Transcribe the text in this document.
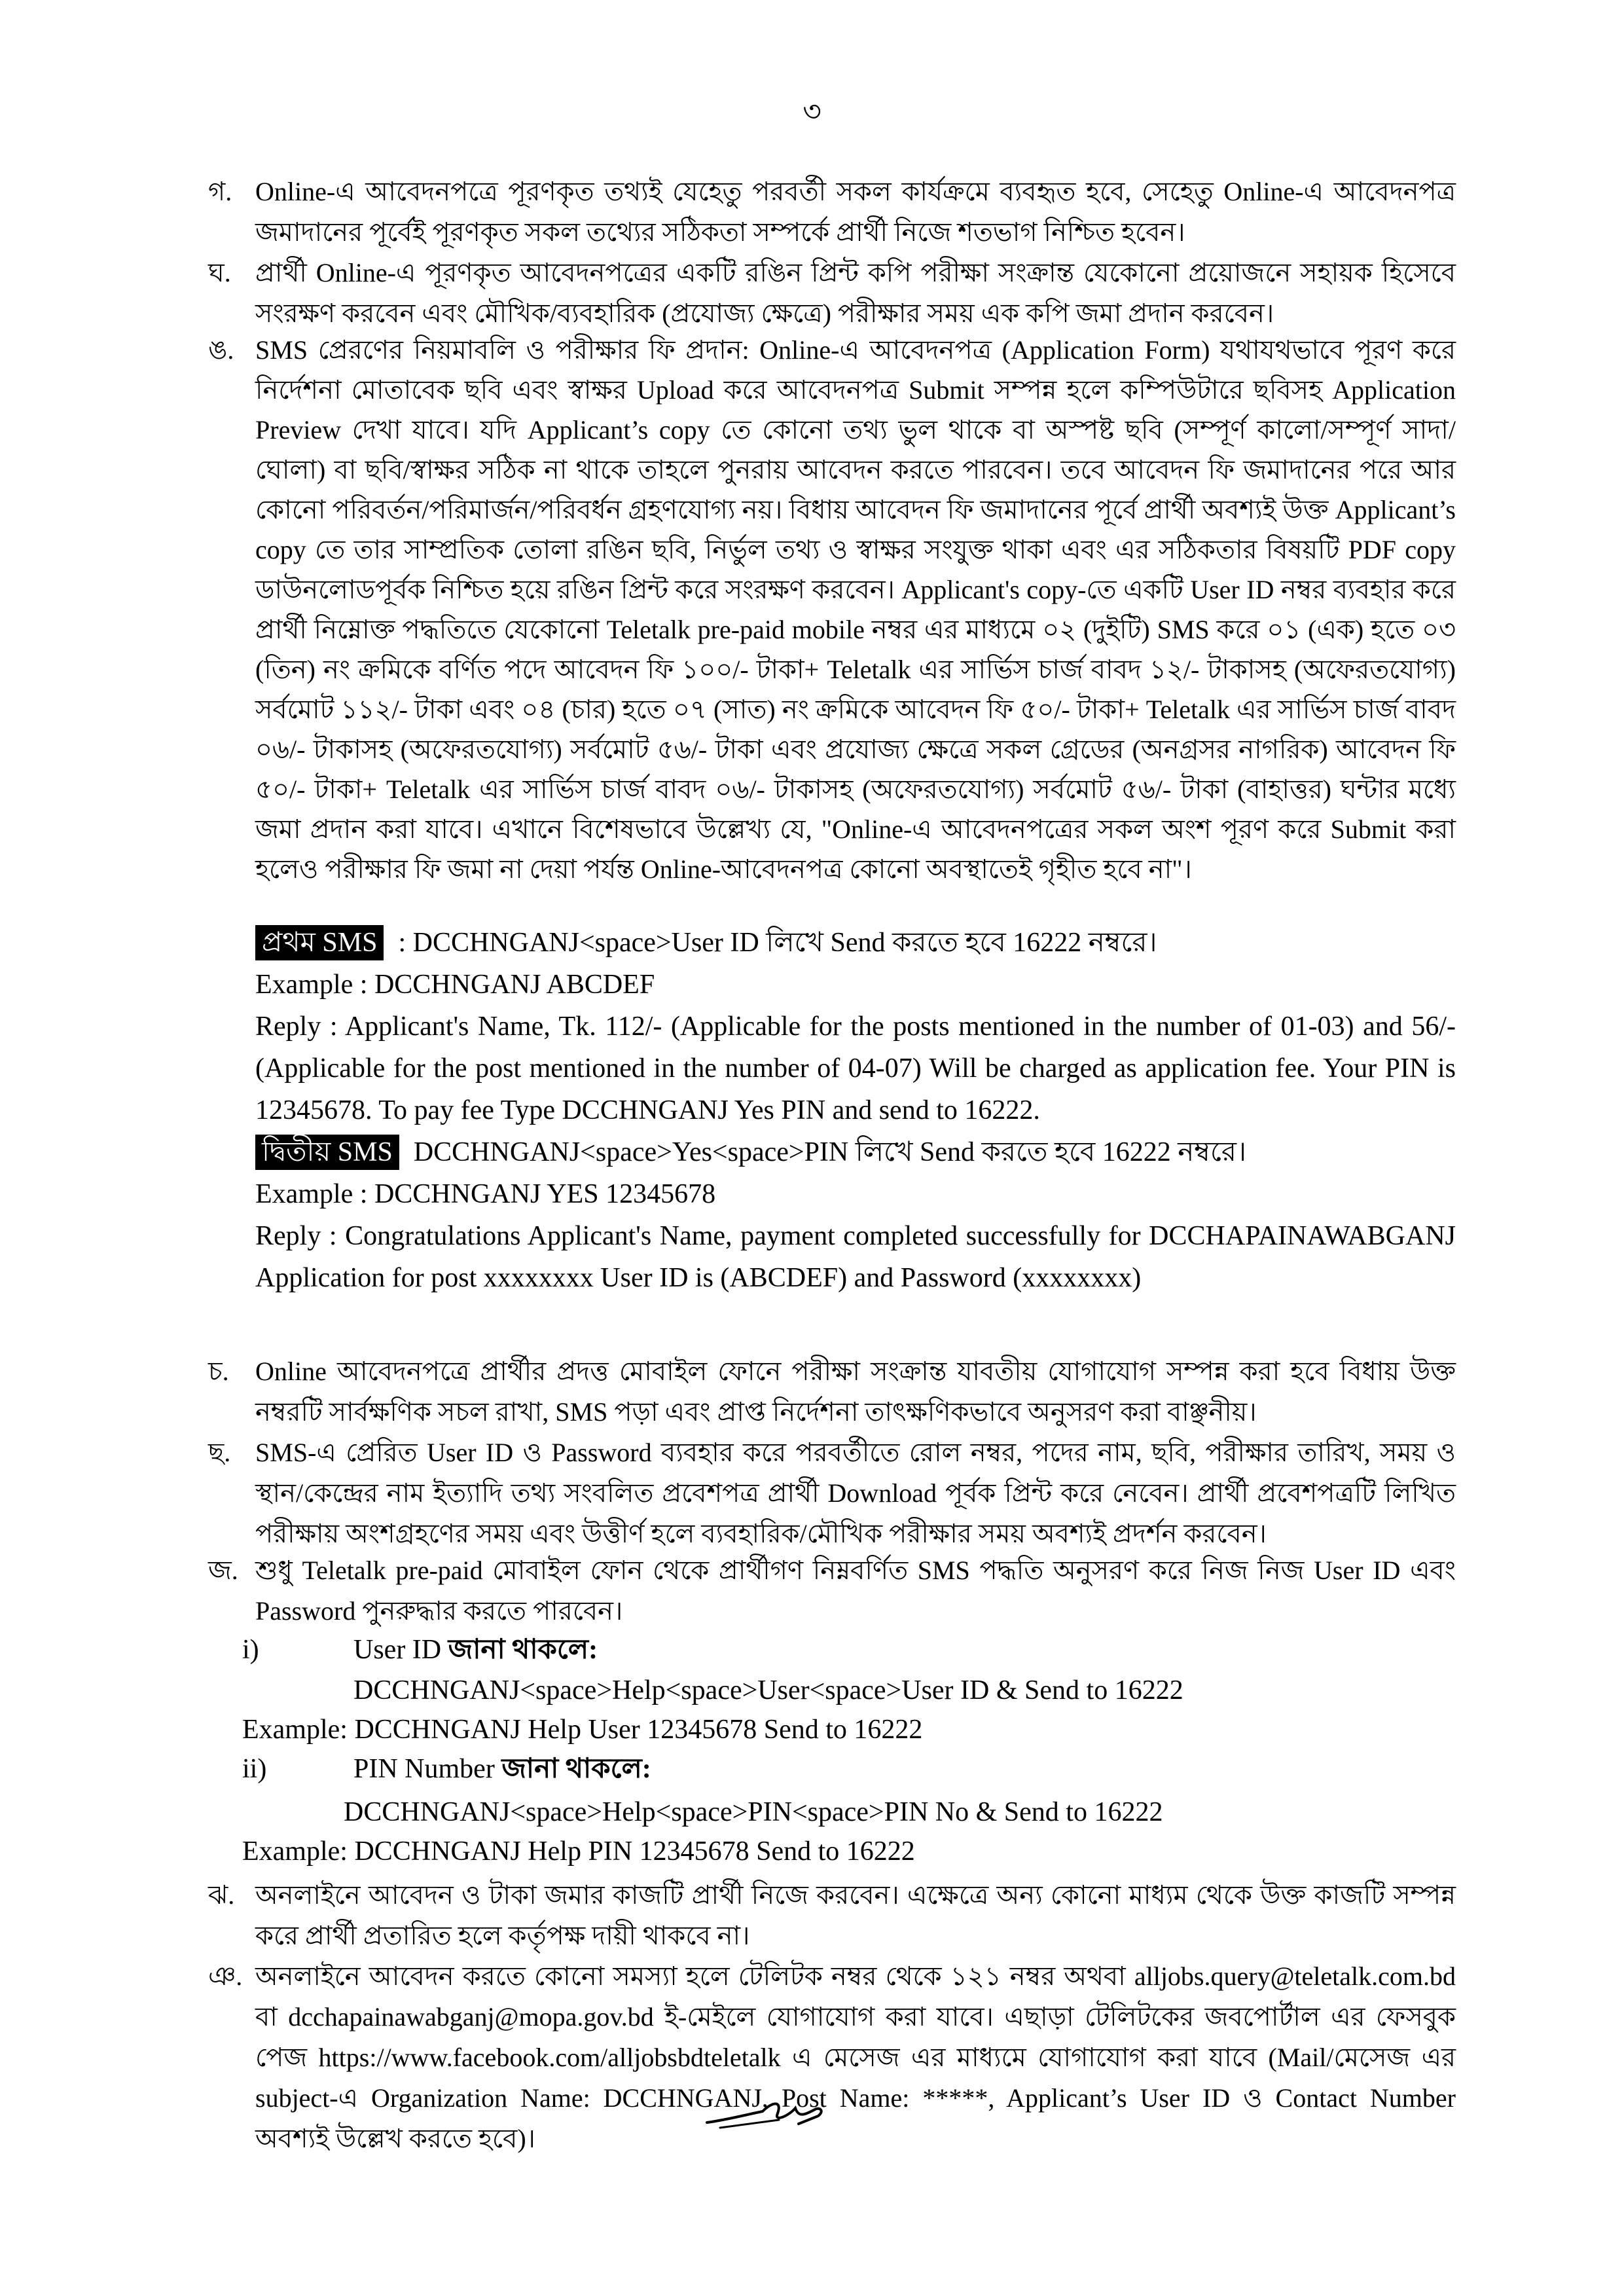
৩
গ. Online-এ আবেদনপত্রে পূরণকৃত তথ্যই যেহেতু পরবর্তী সকল কার্যক্রমে ব্যবহৃত হবে, সেহেতু Online-এ আবেদনপত্র জমাদানের পূর্বেই পূরণকৃত সকল তথ্যের সঠিকতা সম্পর্কে প্রার্থী নিজে শতভাগ নিশ্চিত হবেন।
ঘ. প্রার্থী Online-এ পূরণকৃত আবেদনপত্রের একটি রঙিন প্রিন্ট কপি পরীক্ষা সংক্রান্ত যেকোনো প্রয়োজনে সহায়ক হিসেবে সংরক্ষণ করবেন এবং মৌখিক/ব্যবহারিক (প্রযোজ্য ক্ষেত্রে) পরীক্ষার সময় এক কপি জমা প্রদান করবেন।
ঙ. SMS প্রেরণের নিয়মাবলি ও পরীক্ষার ফি প্রদান: Online-এ আবেদনপত্র (Application Form) যথাযথভাবে পূরণ করে নির্দেশনা মোতাবেক ছবি এবং স্বাক্ষর Upload করে আবেদনপত্র Submit সম্পন্ন হলে কম্পিউটারে ছবিসহ Application Preview দেখা যাবে। যদি Applicant’s copy তে কোনো তথ্য ভুল থাকে বা অস্পষ্ট ছবি (সম্পূর্ণ কালো/সম্পূর্ণ সাদা/ঘোলা) বা ছবি/স্বাক্ষর সঠিক না থাকে তাহলে পুনরায় আবেদন করতে পারবেন। তবে আবেদন ফি জমাদানের পরে আর কোনো পরিবর্তন/পরিমার্জন/পরিবর্ধন গ্রহণযোগ্য নয়। বিধায় আবেদন ফি জমাদানের পূর্বে প্রার্থী অবশ্যই উক্ত Applicant’s copy তে তার সাম্প্রতিক তোলা রঙিন ছবি, নির্ভুল তথ্য ও স্বাক্ষর সংযুক্ত থাকা এবং এর সঠিকতার বিষয়টি PDF copy ডাউনলোডপূর্বক নিশ্চিত হয়ে রঙিন প্রিন্ট করে সংরক্ষণ করবেন। Applicant's copy-তে একটি User ID নম্বর ব্যবহার করে প্রার্থী নিম্নোক্ত পদ্ধতিতে যেকোনো Teletalk pre-paid mobile নম্বর এর মাধ্যমে ০২ (দুইটি) SMS করে ০১ (এক) হতে ০৩ (তিন) নং ক্রমিকে বর্ণিত পদে আবেদন ফি ১০০/- টাকা+ Teletalk এর সার্ভিস চার্জ বাবদ ১২/- টাকাসহ (অফেরতযোগ্য) সর্বমোট ১১২/- টাকা এবং ০৪ (চার) হতে ০৭ (সাত) নং ক্রমিকে আবেদন ফি ৫০/- টাকা+ Teletalk এর সার্ভিস চার্জ বাবদ ০৬/- টাকাসহ (অফেরতযোগ্য) সর্বমোট ৫৬/- টাকা এবং প্রযোজ্য ক্ষেত্রে সকল গ্রেডের (অনগ্রসর নাগরিক) আবেদন ফি ৫০/- টাকা+ Teletalk এর সার্ভিস চার্জ বাবদ ০৬/- টাকাসহ (অফেরতযোগ্য) সর্বমোট ৫৬/- টাকা (বাহাত্তর) ঘন্টার মধ্যে জমা প্রদান করা যাবে। এখানে বিশেষভাবে উল্লেখ্য যে, "Online-এ আবেদনপত্রের সকল অংশ পূরণ করে Submit করা হলেও পরীক্ষার ফি জমা না দেয়া পর্যন্ত Online-আবেদনপত্র কোনো অবস্থাতেই গৃহীত হবে না"।
প্রথম SMS : DCCHNGANJ<space>User ID লিখে Send করতে হবে 16222 নম্বরে।
Example : DCCHNGANJ ABCDEF
Reply : Applicant's Name, Tk. 112/- (Applicable for the posts mentioned in the number of 01-03) and 56/- (Applicable for the post mentioned in the number of 04-07) Will be charged as application fee. Your PIN is 12345678. To pay fee Type DCCHNGANJ Yes PIN and send to 16222.
দ্বিতীয় SMS DCCHNGANJ<space>Yes<space>PIN লিখে Send করতে হবে 16222 নম্বরে।
Example : DCCHNGANJ YES 12345678
Reply : Congratulations Applicant's Name, payment completed successfully for DCCHAPAINAWABGANJ Application for post xxxxxxxx User ID is (ABCDEF) and Password (xxxxxxxx)
চ. Online আবেদনপত্রে প্রার্থীর প্রদত্ত মোবাইল ফোনে পরীক্ষা সংক্রান্ত যাবতীয় যোগাযোগ সম্পন্ন করা হবে বিধায় উক্ত নম্বরটি সার্বক্ষণিক সচল রাখা, SMS পড়া এবং প্রাপ্ত নির্দেশনা তাৎক্ষণিকভাবে অনুসরণ করা বাঞ্ছনীয়।
ছ. SMS-এ প্রেরিত User ID ও Password ব্যবহার করে পরবর্তীতে রোল নম্বর, পদের নাম, ছবি, পরীক্ষার তারিখ, সময় ও স্থান/কেন্দ্রের নাম ইত্যাদি তথ্য সংবলিত প্রবেশপত্র প্রার্থী Download পূর্বক প্রিন্ট করে নেবেন। প্রার্থী প্রবেশপত্রটি লিখিত পরীক্ষায় অংশগ্রহণের সময় এবং উত্তীর্ণ হলে ব্যবহারিক/মৌখিক পরীক্ষার সময় অবশ্যই প্রদর্শন করবেন।
জ. শুধু Teletalk pre-paid মোবাইল ফোন থেকে প্রার্থীগণ নিম্নবর্ণিত SMS পদ্ধতি অনুসরণ করে নিজ নিজ User ID এবং Password পুনরুদ্ধার করতে পারবেন।
i)	User ID জানা থাকলে:
DCCHNGANJ<space>Help<space>User<space>User ID & Send to 16222
Example: DCCHNGANJ Help User 12345678 Send to 16222
ii)	PIN Number জানা থাকলে:
DCCHNGANJ<space>Help<space>PIN<space>PIN No & Send to 16222
Example: DCCHNGANJ Help PIN 12345678 Send to 16222
ঝ. অনলাইনে আবেদন ও টাকা জমার কাজটি প্রার্থী নিজে করবেন। এক্ষেত্রে অন্য কোনো মাধ্যম থেকে উক্ত কাজটি সম্পন্ন করে প্রার্থী প্রতারিত হলে কর্তৃপক্ষ দায়ী থাকবে না।
ঞ. অনলাইনে আবেদন করতে কোনো সমস্যা হলে টেলিটক নম্বর থেকে ১২১ নম্বর অথবা alljobs.query@teletalk.com.bd বা dcchapainawabganj@mopa.gov.bd ই-মেইলে যোগাযোগ করা যাবে। এছাড়া টেলিটকের জবপোর্টাল এর ফেসবুক পেজ https://www.facebook.com/alljobsbdteletalk এ মেসেজ এর মাধ্যমে যোগাযোগ করা যাবে (Mail/মেসেজ এর subject-এ Organization Name: DCCHNGANJ, Post Name: *****, Applicant’s User ID ও Contact Number অবশ্যই উল্লেখ করতে হবে)।
